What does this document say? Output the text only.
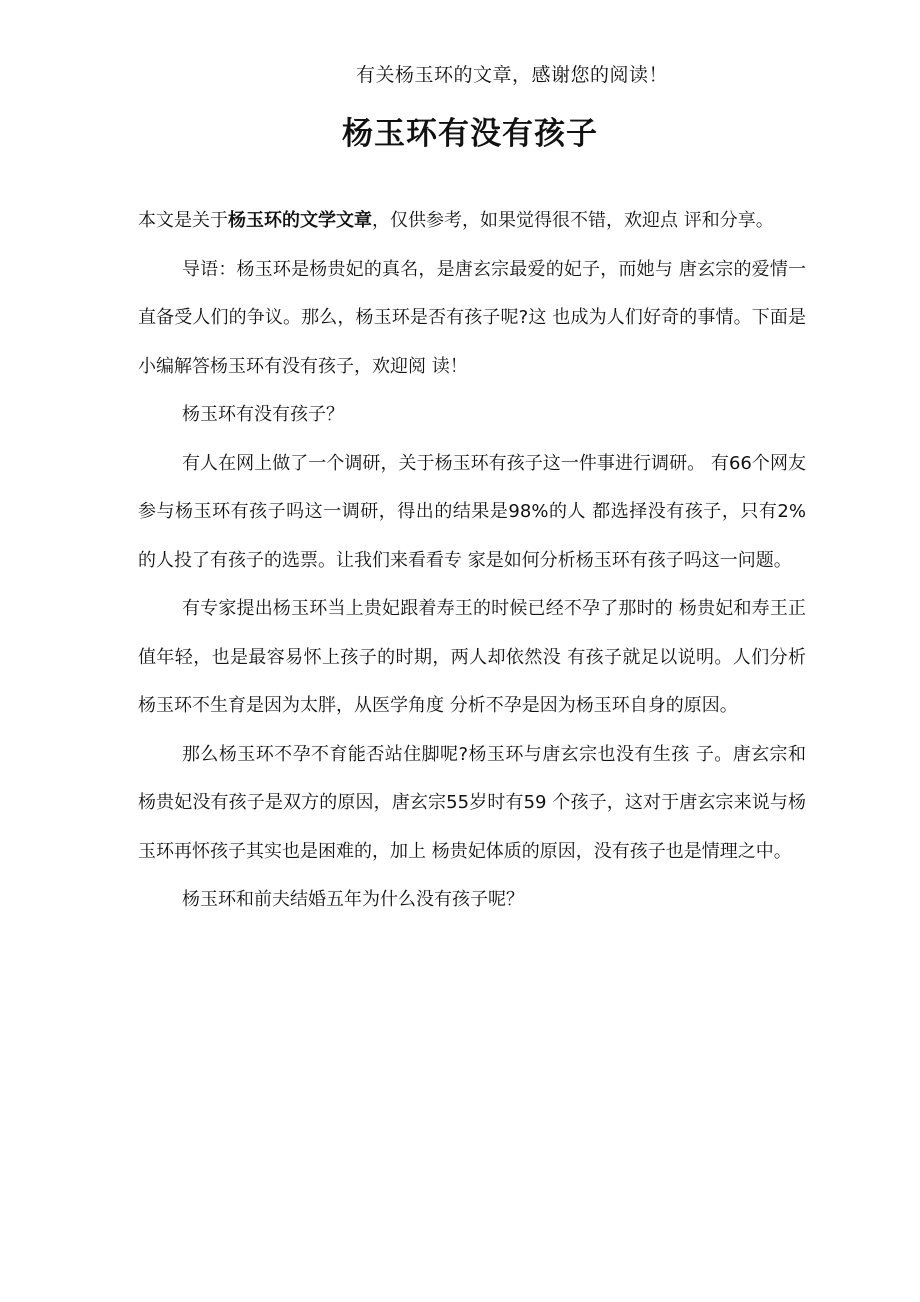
有关杨玉环的文章，感谢您的阅读！
杨玉环有没有孩子

本文是关于杨玉环的文学文章，仅供参考，如果觉得很不错，欢迎点 评和分享。

导语：杨玉环是杨贵妃的真名，是唐玄宗最爱的妃子，而她与 唐玄宗的爱情一直备受人们的争议。那么，杨玉环是否有孩子呢?这 也成为人们好奇的事情。下面是小编解答杨玉环有没有孩子，欢迎阅 读！

杨玉环有没有孩子？

有人在网上做了一个调研，关于杨玉环有孩子这一件事进行调研。 有66个网友参与杨玉环有孩子吗这一调研，得出的结果是98%的人 都选择没有孩子，只有2%的人投了有孩子的选票。让我们来看看专 家是如何分析杨玉环有孩子吗这一问题。

有专家提出杨玉环当上贵妃跟着寿王的时候已经不孕了那时的 杨贵妃和寿王正值年轻，也是最容易怀上孩子的时期，两人却依然没 有孩子就足以说明。人们分析杨玉环不生育是因为太胖，从医学角度 分析不孕是因为杨玉环自身的原因。

那么杨玉环不孕不育能否站住脚呢?杨玉环与唐玄宗也没有生孩 子。唐玄宗和杨贵妃没有孩子是双方的原因，唐玄宗55岁时有59 个孩子，这对于唐玄宗来说与杨玉环再怀孩子其实也是困难的，加上 杨贵妃体质的原因，没有孩子也是情理之中。

杨玉环和前夫结婚五年为什么没有孩子呢？
